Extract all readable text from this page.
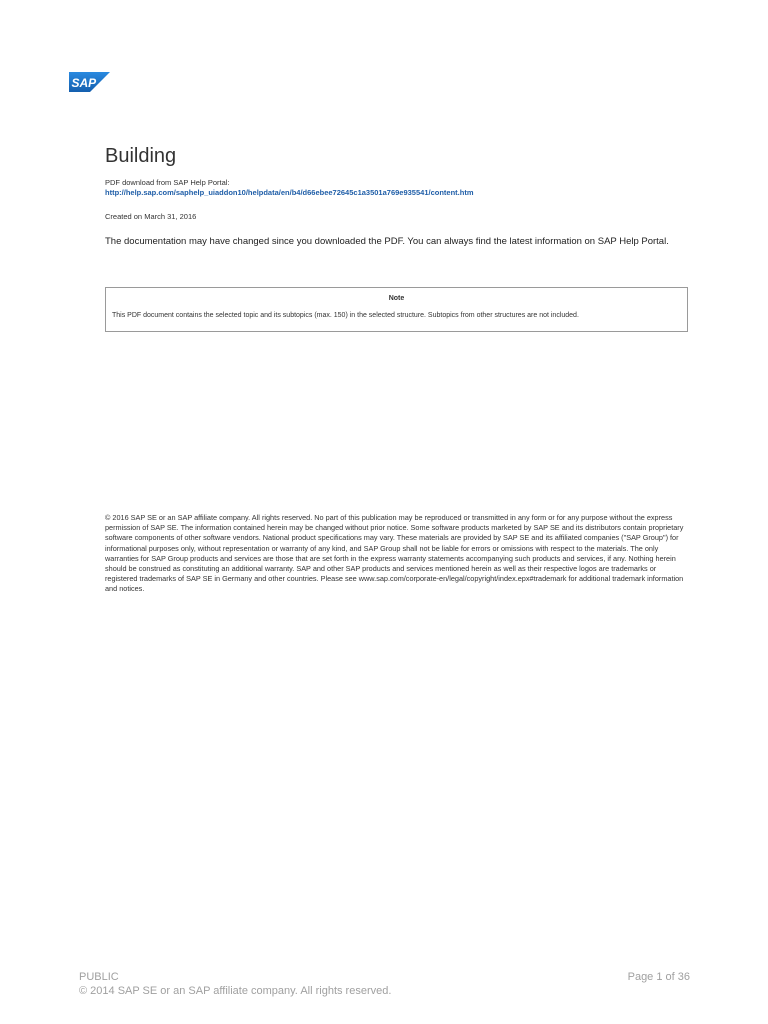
SAP
Building
PDF download from SAP Help Portal:
http://help.sap.com/saphelp_uiaddon10/helpdata/en/b4/d66ebee72645c1a3501a769e935541/content.htm
Created on March 31, 2016
The documentation may have changed since you downloaded the PDF. You can always find the latest information on SAP Help Portal.
Note
This PDF document contains the selected topic and its subtopics (max. 150) in the selected structure. Subtopics from other structures are not included.
© 2016 SAP SE or an SAP affiliate company. All rights reserved. No part of this publication may be reproduced or transmitted in any form or for any purpose without the express permission of SAP SE. The information contained herein may be changed without prior notice. Some software products marketed by SAP SE and its distributors contain proprietary software components of other software vendors. National product specifications may vary. These materials are provided by SAP SE and its affiliated companies ("SAP Group") for informational purposes only, without representation or warranty of any kind, and SAP Group shall not be liable for errors or omissions with respect to the materials. The only warranties for SAP Group products and services are those that are set forth in the express warranty statements accompanying such products and services, if any. Nothing herein should be construed as constituting an additional warranty. SAP and other SAP products and services mentioned herein as well as their respective logos are trademarks or registered trademarks of SAP SE in Germany and other countries. Please see www.sap.com/corporate-en/legal/copyright/index.epx#trademark for additional trademark information and notices.
PUBLIC
© 2014 SAP SE or an SAP affiliate company. All rights reserved.
Page 1 of 36
